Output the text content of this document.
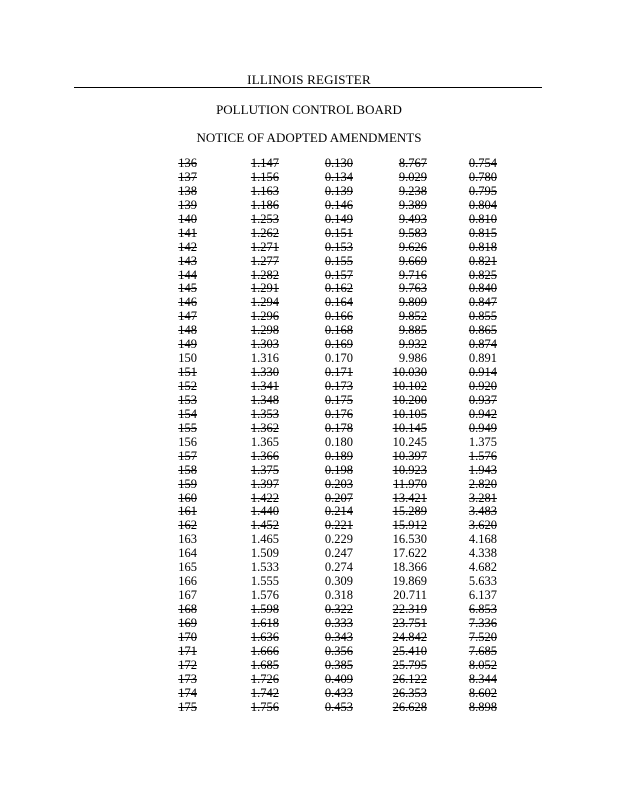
ILLINOIS REGISTER
POLLUTION CONTROL BOARD
NOTICE OF ADOPTED AMENDMENTS
136	1.147	0.130	8.767	0.754
137	1.156	0.134	9.029	0.780
138	1.163	0.139	9.238	0.795
139	1.186	0.146	9.389	0.804
140	1.253	0.149	9.493	0.810
141	1.262	0.151	9.583	0.815
142	1.271	0.153	9.626	0.818
143	1.277	0.155	9.669	0.821
144	1.282	0.157	9.716	0.825
145	1.291	0.162	9.763	0.840
146	1.294	0.164	9.809	0.847
147	1.296	0.166	9.852	0.855
148	1.298	0.168	9.885	0.865
149	1.303	0.169	9.932	0.874
150	1.316	0.170	9.986	0.891
151	1.330	0.171	10.030	0.914
152	1.341	0.173	10.102	0.920
153	1.348	0.175	10.200	0.937
154	1.353	0.176	10.105	0.942
155	1.362	0.178	10.145	0.949
156	1.365	0.180	10.245	1.375
157	1.366	0.189	10.397	1.576
158	1.375	0.198	10.923	1.943
159	1.397	0.203	11.970	2.820
160	1.422	0.207	13.421	3.281
161	1.440	0.214	15.289	3.483
162	1.452	0.221	15.912	3.620
163	1.465	0.229	16.530	4.168
164	1.509	0.247	17.622	4.338
165	1.533	0.274	18.366	4.682
166	1.555	0.309	19.869	5.633
167	1.576	0.318	20.711	6.137
168	1.598	0.322	22.319	6.853
169	1.618	0.333	23.751	7.336
170	1.636	0.343	24.842	7.520
171	1.666	0.356	25.410	7.685
172	1.685	0.385	25.795	8.052
173	1.726	0.409	26.122	8.344
174	1.742	0.433	26.353	8.602
175	1.756	0.453	26.628	8.898
